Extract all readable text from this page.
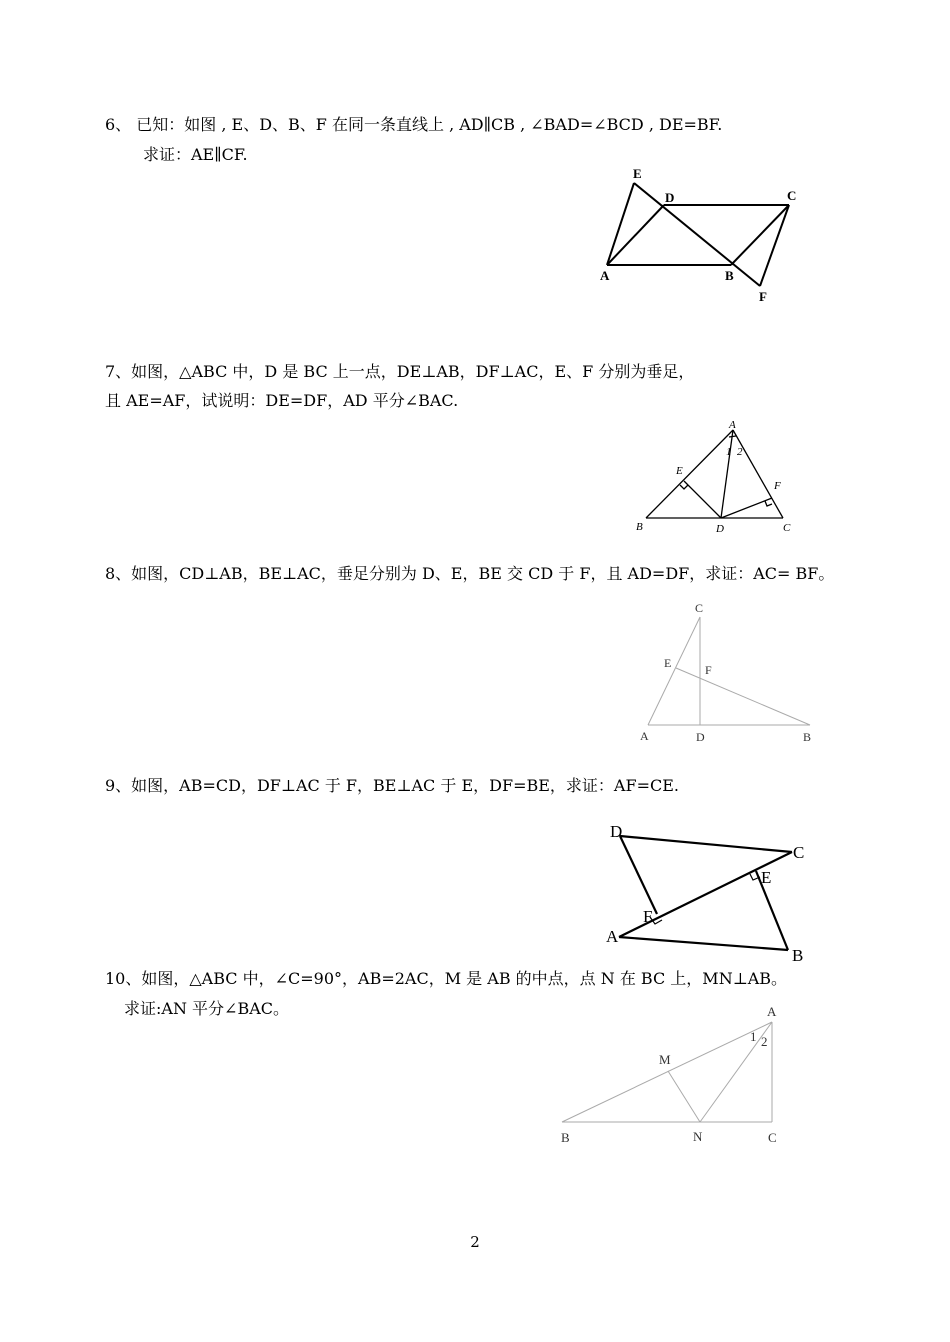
6、 已知：如图 , E、D、B、F 在同一条直线上 , AD∥CB , ∠BAD=∠BCD , DE=BF.
求证：AE∥CF.
E
D	C
A	B
F
7、如图，△ABC 中，D 是 BC 上一点，DE⊥AB，DF⊥AC，E、F 分别为垂足，
且 AE=AF，试说明：DE=DF，AD 平分∠BAC.
A
1 2
E
F
B	D	C
8、如图，CD⊥AB，BE⊥AC，垂足分别为 D、E，BE 交 CD 于 F，且 AD=DF，求证：AC= BF。
C
E	F
A	D	B
9、如图，AB=CD，DF⊥AC 于 F，BE⊥AC 于 E，DF=BE，求证：AF=CE.
D
C
E
F
A
B
10、如图，△ABC 中，∠C=90°，AB=2AC，M 是 AB 的中点，点 N 在 BC 上，MN⊥AB。
求证:AN 平分∠BAC。	A
1 2
M
B	N	C
2
